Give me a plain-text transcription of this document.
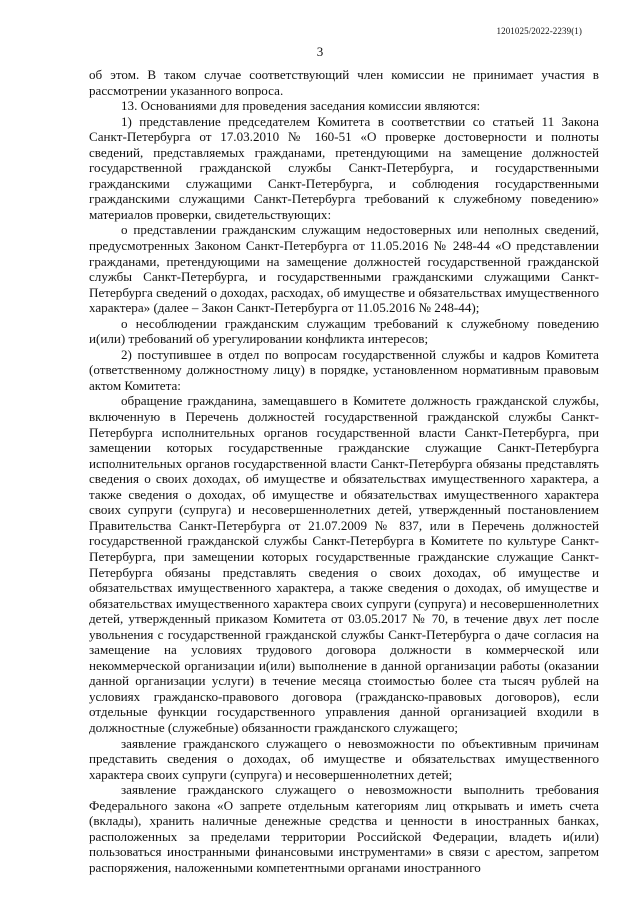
1201025/2022-2239(1)
3

об этом. В таком случае соответствующий член комиссии не принимает участия в рассмотрении указанного вопроса.

13. Основаниями для проведения заседания комиссии являются:

1) представление председателем Комитета в соответствии со статьей 11 Закона Санкт-Петербурга от 17.03.2010 № 160-51 «О проверке достоверности и полноты сведений, представляемых гражданами, претендующими на замещение должностей государственной гражданской службы Санкт-Петербурга, и государственными гражданскими служащими Санкт-Петербурга, и соблюдения государственными гражданскими служащими Санкт-Петербурга требований к служебному поведению» материалов проверки, свидетельствующих:

о представлении гражданским служащим недостоверных или неполных сведений, предусмотренных Законом Санкт-Петербурга от 11.05.2016 № 248-44 «О представлении гражданами, претендующими на замещение должностей государственной гражданской службы Санкт-Петербурга, и государственными гражданскими служащими Санкт-Петербурга сведений о доходах, расходах, об имуществе и обязательствах имущественного характера» (далее – Закон Санкт-Петербурга от 11.05.2016 № 248-44);

о несоблюдении гражданским служащим требований к служебному поведению и(или) требований об урегулировании конфликта интересов;

2) поступившее в отдел по вопросам государственной службы и кадров Комитета (ответственному должностному лицу) в порядке, установленном нормативным правовым актом Комитета:

обращение гражданина, замещавшего в Комитете должность гражданской службы, включенную в Перечень должностей государственной гражданской службы Санкт-Петербурга исполнительных органов государственной власти Санкт-Петербурга, при замещении которых государственные гражданские служащие Санкт-Петербурга исполнительных органов государственной власти Санкт-Петербурга обязаны представлять сведения о своих доходах, об имуществе и обязательствах имущественного характера, а также сведения о доходах, об имуществе и обязательствах имущественного характера своих супруги (супруга) и несовершеннолетних детей, утвержденный постановлением Правительства Санкт-Петербурга от 21.07.2009 № 837, или в Перечень должностей государственной гражданской службы Санкт-Петербурга в Комитете по культуре Санкт-Петербурга, при замещении которых государственные гражданские служащие Санкт-Петербурга обязаны представлять сведения о своих доходах, об имуществе и обязательствах имущественного характера, а также сведения о доходах, об имуществе и обязательствах имущественного характера своих супруги (супруга) и несовершеннолетних детей, утвержденный приказом Комитета от 03.05.2017 № 70, в течение двух лет после увольнения с государственной гражданской службы Санкт-Петербурга о даче согласия на замещение на условиях трудового договора должности в коммерческой или некоммерческой организации и(или) выполнение в данной организации работы (оказании данной организации услуги) в течение месяца стоимостью более ста тысяч рублей на условиях гражданско-правового договора (гражданско-правовых договоров), если отдельные функции государственного управления данной организацией входили в должностные (служебные) обязанности гражданского служащего;

заявление гражданского служащего о невозможности по объективным причинам представить сведения о доходах, об имуществе и обязательствах имущественного характера своих супруги (супруга) и несовершеннолетних детей;

заявление гражданского служащего о невозможности выполнить требования Федерального закона «О запрете отдельным категориям лиц открывать и иметь счета (вклады), хранить наличные денежные средства и ценности в иностранных банках, расположенных за пределами территории Российской Федерации, владеть и(или) пользоваться иностранными финансовыми инструментами» в связи с арестом, запретом распоряжения, наложенными компетентными органами иностранного
